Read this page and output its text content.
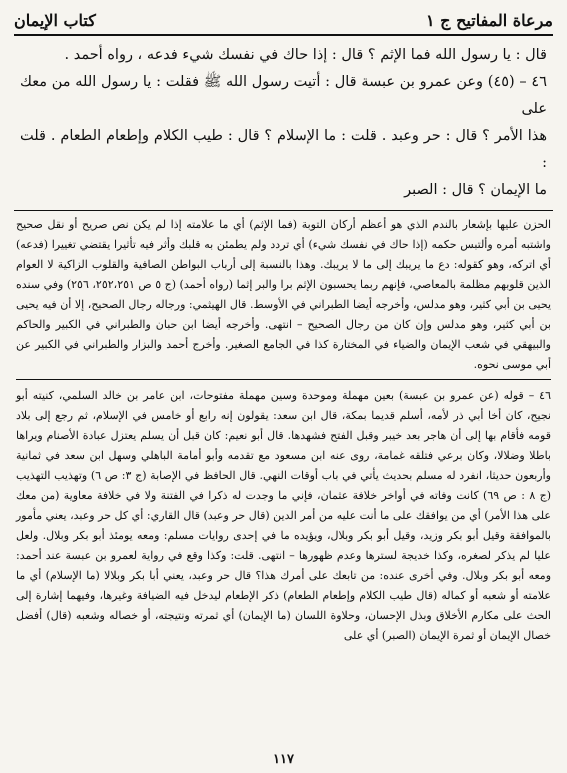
مرعاة المفاتيح ج ١
كتاب الإيمان

قال : يا رسول الله فما الإثم ؟ قال : إذا حاك في نفسك شيء فدعه ، رواه أحمد .

٤٦ – (٤٥) وعن عمرو بن عبسة قال : أتيت رسول الله ﷺ فقلت : يا رسول الله من معك على

هذا الأمر ؟ قال : حر وعبد . قلت : ما الإسلام ؟ قال : طيب الكلام وإطعام الطعام . قلت :

ما الإيمان ؟ قال : الصبر

الحزن عليها بإشعار بالندم الذي هو أعظم أركان التوبة (فما الإثم) أي ما علامته إذا لم يكن نص صريح أو نقل صحيح واشتبه أمره وألتبس حكمه (إذا حاك في نفسك شيء) أي تردد ولم يطمئن به قلبك وأثر فيه تأثيرا يقتضي تغييرا (فدعه) أي اتركه، وهو كقوله: دع ما يريبك إلى ما لا يريبك. وهذا بالنسبة إلى أرباب البواطن الصافية والقلوب الزاكية لا العوام الذين قلوبهم مظلمة بالمعاصي، فإنهم ربما يحسبون الإثم برا والبر إثما (رواه أحمد) (ج ٥ ص ٢٥٢،٢٥١، ٢٥٦) وفي سنده يحيى بن أبي كثير، وهو مدلس، وأخرجه أيضا الطبراني في الأوسط. قال الهيثمي: ورجاله رجال الصحيح، إلا أن فيه يحيى بن أبي كثير، وهو مدلس وإن كان من رجال الصحيح – انتهى. وأخرجه أيضا ابن حبان والطبراني في الكبير والحاكم والبيهقي في شعب الإيمان والضياء في المختارة كذا في الجامع الصغير. وأخرج أحمد والبزار والطبراني في الكبير عن أبي موسى نحوه.

٤٦ – قوله (عن عمرو بن عبسة) بعين مهملة وموحدة وسين مهملة مفتوحات، ابن عامر بن خالد السلمي، كنيته أبو نجيح، كان أخا أبي ذر لأمه، أسلم قديما بمكة، قال ابن سعد: يقولون إنه رابع أو خامس في الإسلام، ثم رجع إلى بلاد قومه فأقام بها إلى أن هاجر بعد خيبر وقبل الفتح فشهدها. قال أبو نعيم: كان قبل أن يسلم يعتزل عبادة الأصنام ويراها باطلا وضلالا، وكان برعي فتلقه غمامة، روى عنه ابن مسعود مع تقدمه وأبو أمامة الباهلي وسهل ابن سعد في ثمانية وأربعون حديثا، انفرد له مسلم بحديث يأتي في باب أوقات النهي. قال الحافظ في الإصابة (ج ٣: ص ٦) وتهذيب التهذيب (ج ٨ : ص ٦٩) كانت وفاته في أواخر خلافة عثمان، فإني ما وجدت له ذكرا في الفتنة ولا في خلافة معاوية (من معك على هذا الأمر) أي من يوافقك على ما أنت عليه من أمر الدين (قال حر وعبد) قال القاري: أي كل حر وعبد، يعني مأمور بالموافقة وقيل أبو بكر وزيد، وقيل أبو بكر وبلال، ويؤيده ما في إحدى روايات مسلم: ومعه يومئذ أبو بكر وبلال. ولعل عليا لم يذكر لصغره، وكذا خديجة لسترها وعدم ظهورها – انتهى. قلت: وكذا وقع في رواية لعمرو بن عبسة عند أحمد: ومعه أبو بكر وبلال. وفي أخرى عنده: من تابعك على أمرك هذا؟ قال حر وعبد، يعني أبا بكر وبلالا (ما الإسلام) أي ما علامته أو شعبه أو كماله (قال طيب الكلام وإطعام الطعام) ذكر الإطعام ليدخل فيه الضيافة وغيرها، وفيهما إشارة إلى الحث على مكارم الأخلاق وبذل الإحسان، وحلاوة اللسان (ما الإيمان) أي ثمرته ونتيجته، أو خصاله وشعبه (قال) أفضل خصال الإيمان أو ثمرة الإيمان (الصبر) أي على

١١٧
